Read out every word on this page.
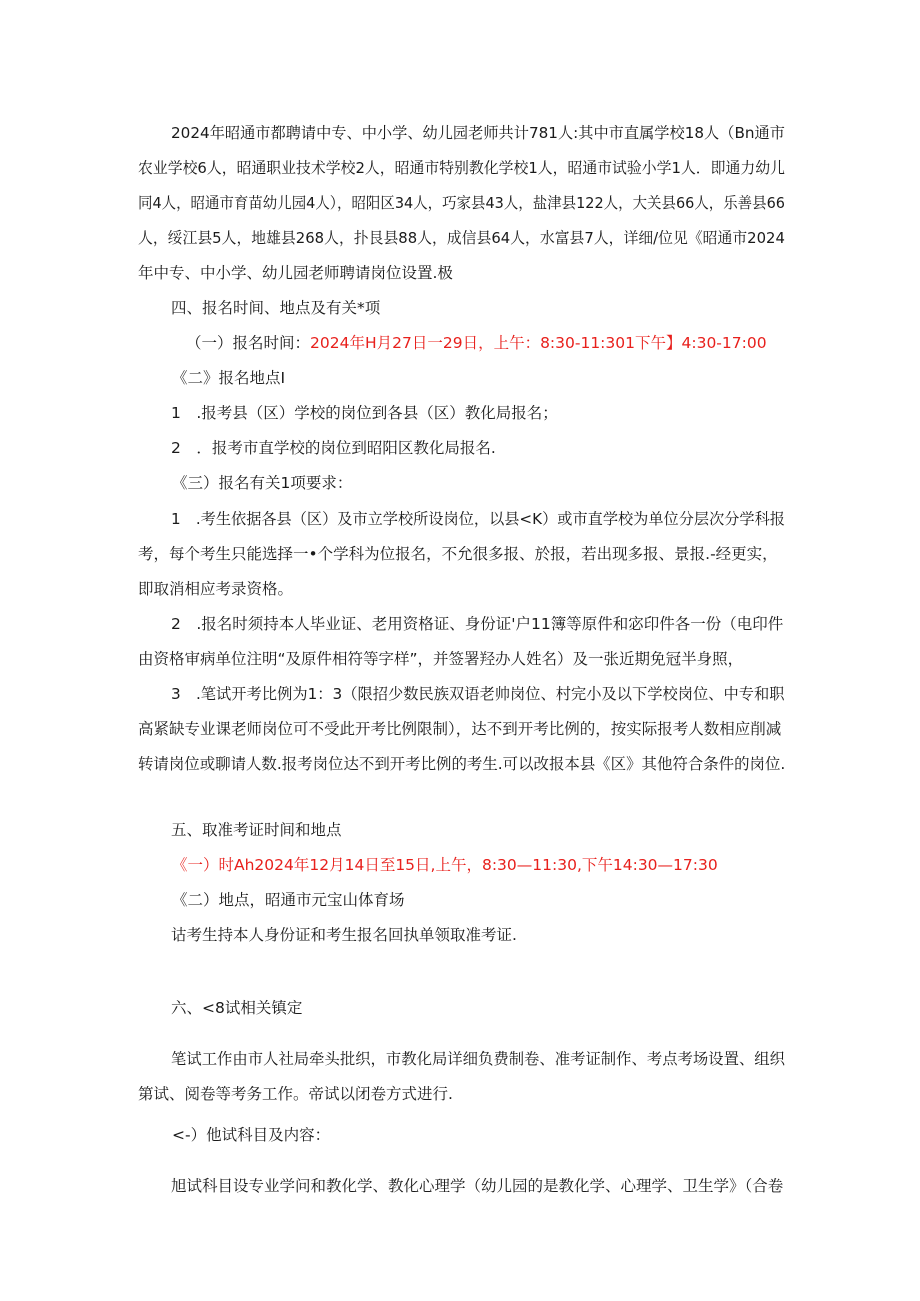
2024年昭通市都聘请中专、中小学、幼儿园老师共计781人:其中市直属学校18人（Bn通市
农业学校6人，昭通职业技术学校2人，昭通市特别教化学校1人，昭通市试验小学1人．即通力幼儿
同4人，昭通市育苗幼儿园4人），昭阳区34人，巧家县43人，盐津县122人，大关县66人，乐善县66
人，绥江县5人，地雄县268人，扑艮县88人，成信县64人，水富县7人，详细/位见《昭通市2024
年中专、中小学、幼儿园老师聘请岗位设置.极
四、报名时间、地点及有关*项
（一）报名时间：2024年H月27日一29日，上午：8:30-11:301下午】4:30-17:00
《二》报名地点I
1　.报考县（区）学校的岗位到各县（区）教化局报名；
2　．报考市直学校的岗位到昭阳区教化局报名.
《三）报名有关1项要求：
1　.考生依据各县（区）及市立学校所设岗位，以县<K）或市直学校为单位分层次分学科报
考，每个考生只能选择一•个学科为位报名，不允很多报、於报，若出现多报、景报.-经更实，
即取消相应考录资格。
2　.报名时须持本人毕业证、老用资格证、身份证'户11簿等原件和宓印件各一份（电印件
由资格审病单位注明“及原件相符等字样”，并签署羟办人姓名）及一张近期免冠半身照，
3　.笔试开考比例为1：3（限招少数民族双语老帅岗位、村完小及以下学校岗位、中专和职
高紧缺专业课老师岗位可不受此开考比例限制），达不到开考比例的，按实际报考人数相应削减
转请岗位或聊请人数.报考岗位达不到开考比例的考生.可以改报本县《区》其他符合条件的岗位.
五、取准考证时间和地点
《一）时Ah2024年12月14日至15日,上午，8:30—11:30,下午14:30—17:30
《二）地点，昭通市元宝山体育场
诂考生持本人身份证和考生报名回执单领取准考证.
六、<8试相关镇定
笔试工作由市人社局牵头批织，市教化局详细负费制卷、准考证制作、考点考场设置、组织
第试、阅卷等考务工作。帝试以闭卷方式进行.
<-）他试科目及内容：
旭试科目设专业学问和教化学、教化心理学（幼儿园的是教化学、心理学、卫生学》（合卷
